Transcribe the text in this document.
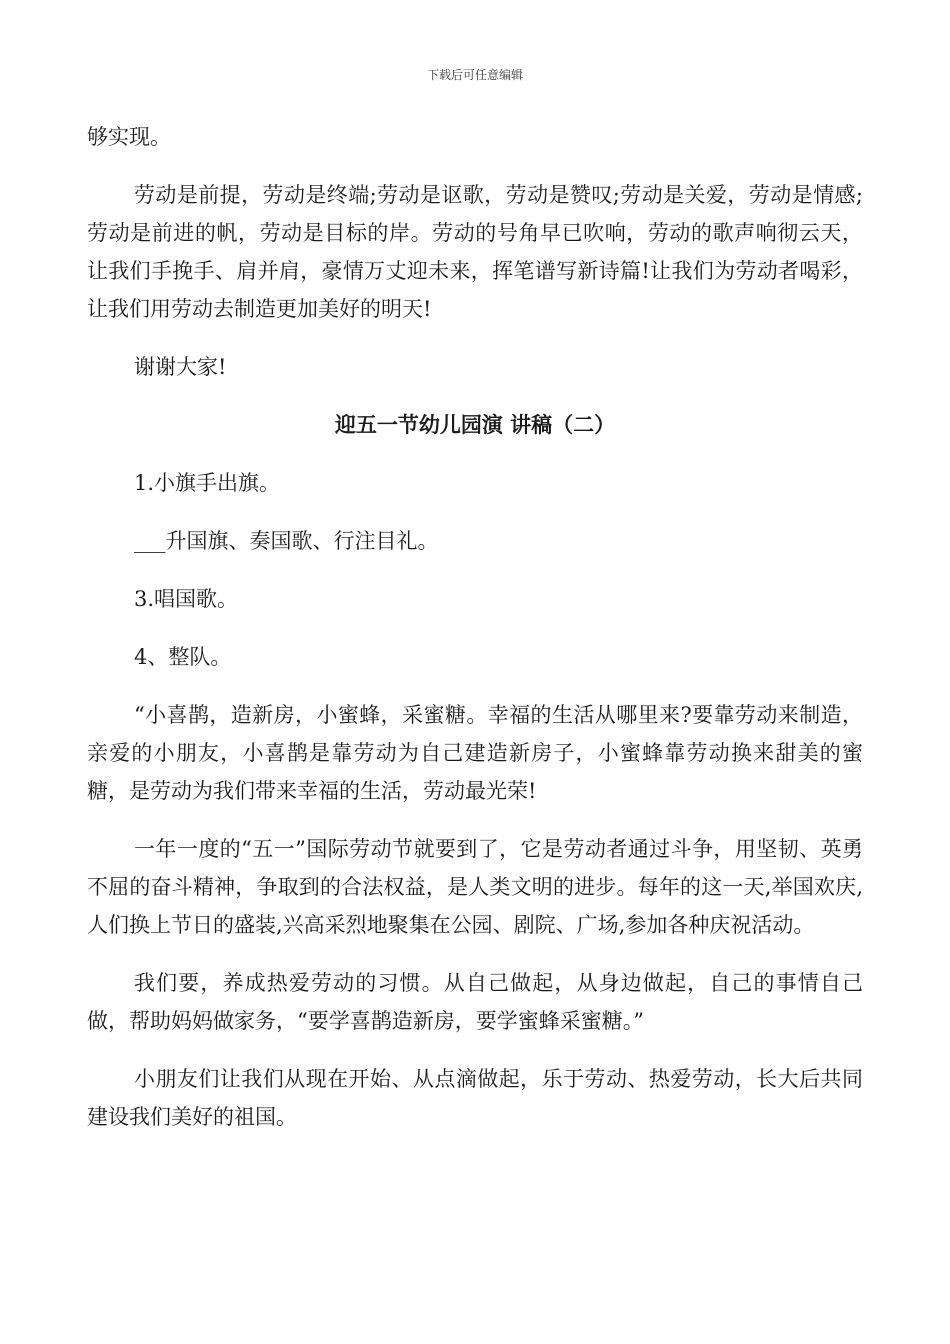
下载后可任意编辑

够实现。

劳动是前提，劳动是终端;劳动是讴歌，劳动是赞叹;劳动是关爱，劳动是情感;劳动是前进的帆，劳动是目标的岸。劳动的号角早已吹响，劳动的歌声响彻云天，让我们手挽手、肩并肩，豪情万丈迎未来，挥笔谱写新诗篇!让我们为劳动者喝彩，让我们用劳动去制造更加美好的明天!

谢谢大家!

迎五一节幼儿园演 讲稿（二）

1.小旗手出旗。

___升国旗、奏国歌、行注目礼。

3.唱国歌。

4、整队。

“小喜鹊，造新房，小蜜蜂，采蜜糖。幸福的生活从哪里来?要靠劳动来制造，亲爱的小朋友，小喜鹊是靠劳动为自己建造新房子，小蜜蜂靠劳动换来甜美的蜜糖，是劳动为我们带来幸福的生活，劳动最光荣!

一年一度的“五一”国际劳动节就要到了，它是劳动者通过斗争，用坚韧、英勇不屈的奋斗精神，争取到的合法权益，是人类文明的进步。每年的这一天,举国欢庆,人们换上节日的盛装,兴高采烈地聚集在公园、剧院、广场,参加各种庆祝活动。

我们要，养成热爱劳动的习惯。从自己做起，从身边做起，自己的事情自己做，帮助妈妈做家务，“要学喜鹊造新房，要学蜜蜂采蜜糖。”

小朋友们让我们从现在开始、从点滴做起，乐于劳动、热爱劳动，长大后共同建设我们美好的祖国。
